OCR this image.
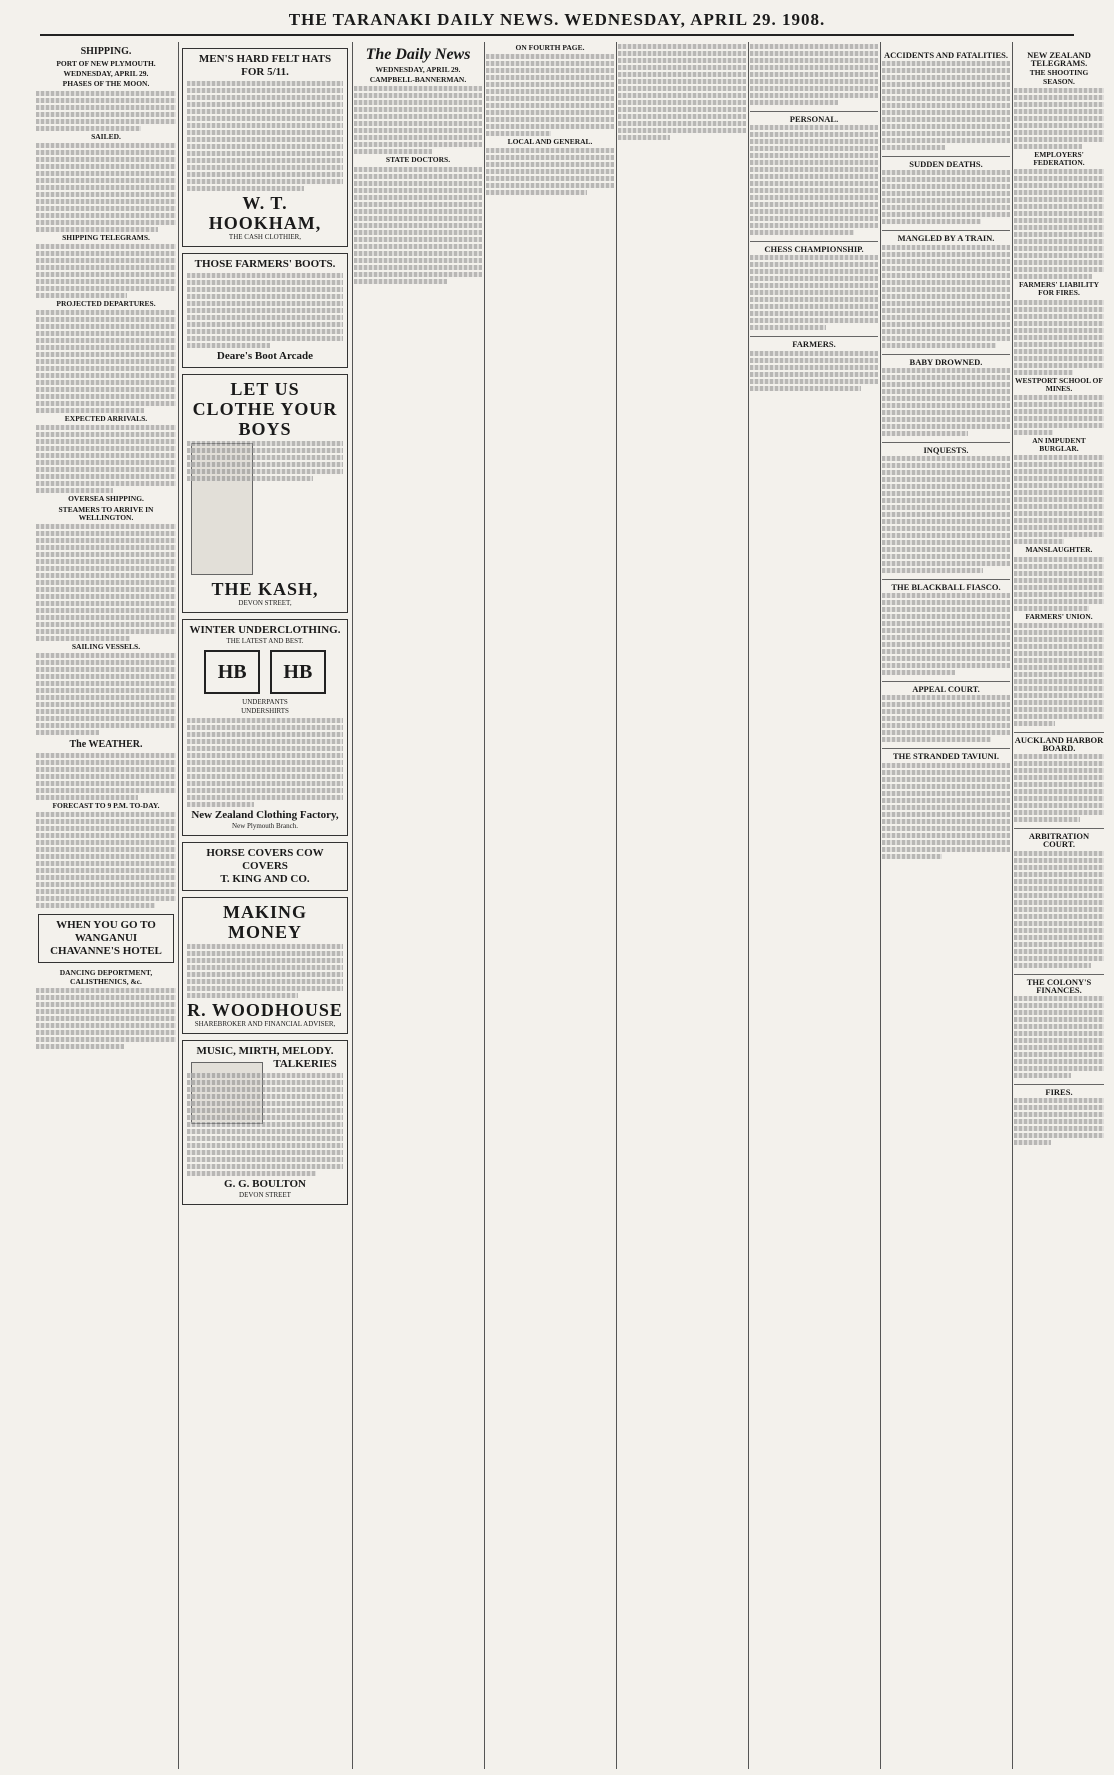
THE TARANAKI DAILY NEWS. WEDNESDAY, APRIL 29. 1908.
SHIPPING.
PORT OF NEW PLYMOUTH.
WEDNESDAY, APRIL 29.
PHASES OF THE MOON.
SAILED.
SHIPPING TELEGRAMS.
PROJECTED DEPARTURES.
EXPECTED ARRIVALS.
OVERSEA SHIPPING.
STEAMERS TO ARRIVE IN WELLINGTON.
SAILING VESSELS.
The WEATHER.
FORECAST TO 9 P.M. TO-DAY.
WHEN YOU GO TO WANGANUI
CHAVANNE'S HOTEL
DANCING DEPORTMENT, CALISTHENICS, &c.
MEN'S HARD FELT HATS FOR 5/11.
W. T. HOOKHAM,
THE CASH CLOTHIER,
THOSE FARMERS' BOOTS.
Deare's Boot Arcade
LET US CLOTHE YOUR BOYS
THE KASH,
DEVON STREET,
WINTER UNDERCLOTHING.
THE LATEST AND BEST.
HB HB
UNDERPANTS
UNDERSHIRTS
New Zealand Clothing Factory,
New Plymouth Branch.
HORSE COVERS COW COVERS
T. KING AND CO.
MAKING MONEY
R. WOODHOUSE
SHAREBROKER AND FINANCIAL ADVISER,
MUSIC, MIRTH, MELODY.
TALKERIES
G. G. BOULTON
DEVON STREET
The Daily News
WEDNESDAY, APRIL 29.
CAMPBELL-BANNERMAN.
STATE DOCTORS.
ON FOURTH PAGE.
LOCAL AND GENERAL.
PERSONAL.
CHESS CHAMPIONSHIP.
FARMERS.
ACCIDENTS AND FATALITIES.
SUDDEN DEATHS.
MANGLED BY A TRAIN.
BABY DROWNED.
INQUESTS.
THE BLACKBALL FIASCO.
APPEAL COURT.
THE STRANDED TAVIUNI.
NEW ZEALAND TELEGRAMS.
THE SHOOTING SEASON.
EMPLOYERS' FEDERATION.
FARMERS' LIABILITY FOR FIRES.
WESTPORT SCHOOL OF MINES.
AN IMPUDENT BURGLAR.
MANSLAUGHTER.
FARMERS' UNION.
AUCKLAND HARBOR BOARD.
ARBITRATION COURT.
THE COLONY'S FINANCES.
FIRES.
